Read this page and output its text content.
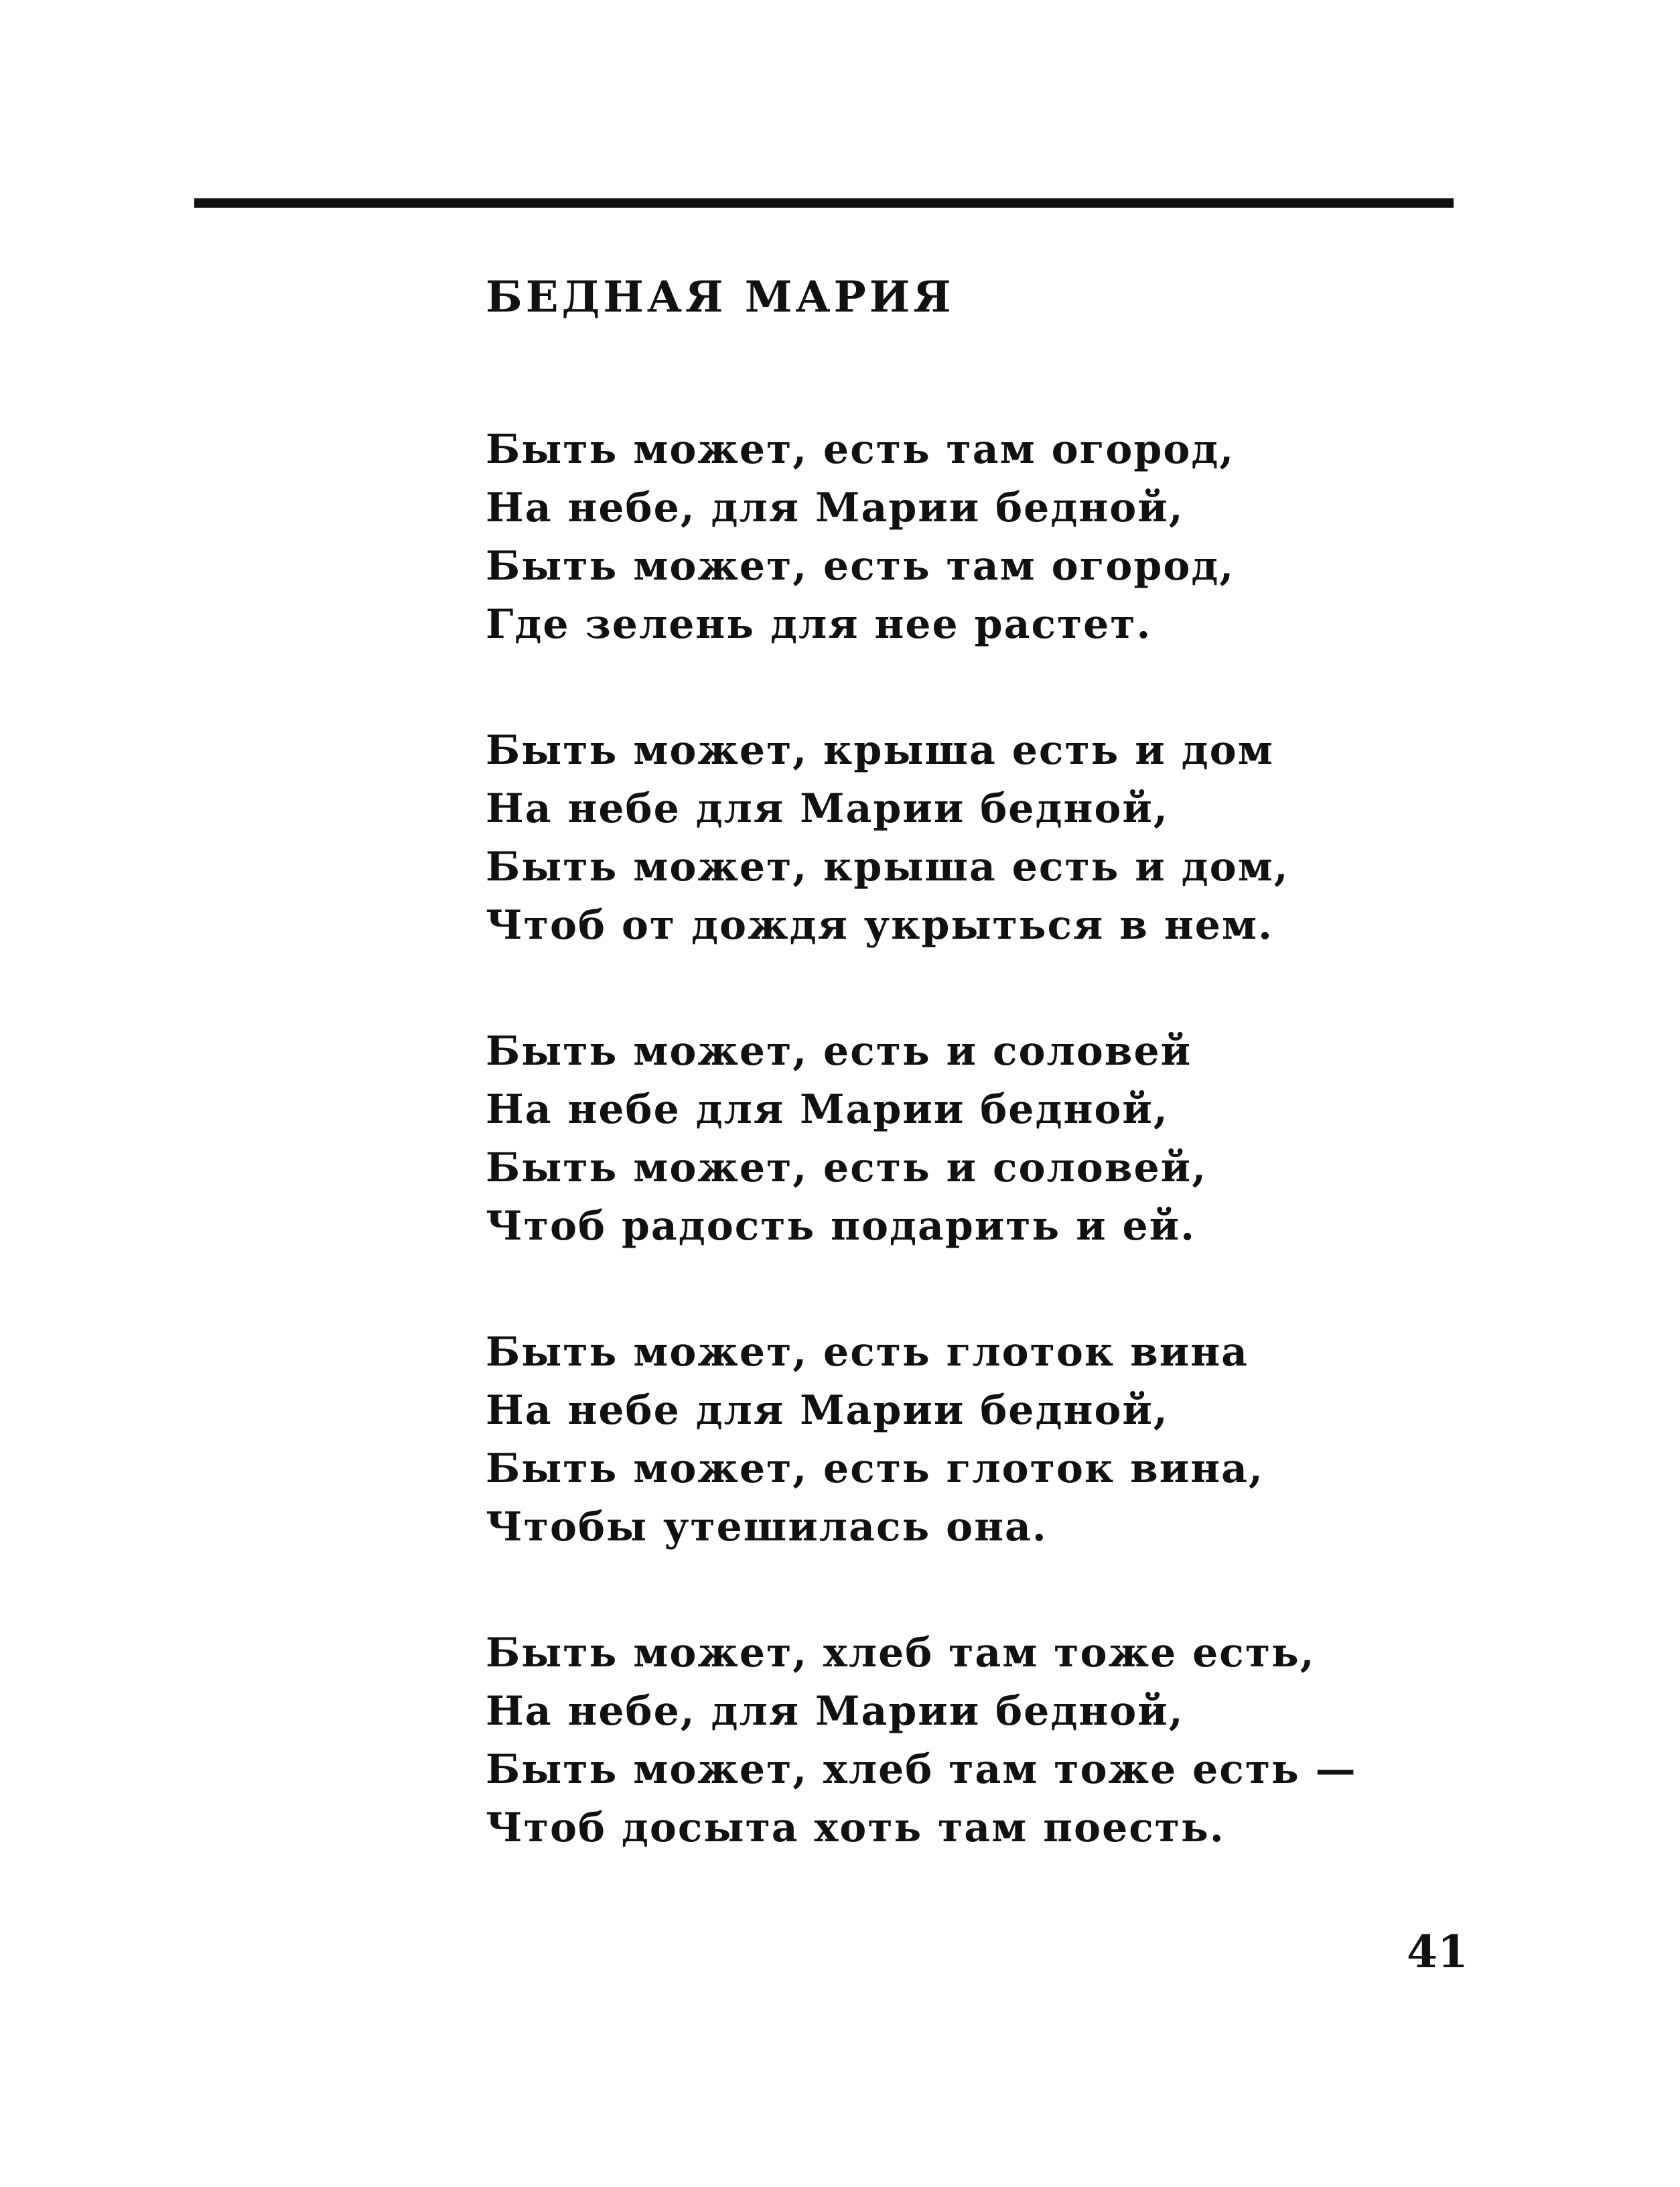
БЕДНАЯ МАРИЯ
Быть может, есть там огород,
На небе, для Марии бедной,
Быть может, есть там огород,
Где зелень для нее растет.
Быть может, крыша есть и дом
На небе для Марии бедной,
Быть может, крыша есть и дом,
Чтоб от дождя укрыться в нем.
Быть может, есть и соловей
На небе для Марии бедной,
Быть может, есть и соловей,
Чтоб радость подарить и ей.
Быть может, есть глоток вина
На небе для Марии бедной,
Быть может, есть глоток вина,
Чтобы утешилась она.
Быть может, хлеб там тоже есть,
На небе, для Марии бедной,
Быть может, хлеб там тоже есть —
Чтоб досыта хоть там поесть.
41
